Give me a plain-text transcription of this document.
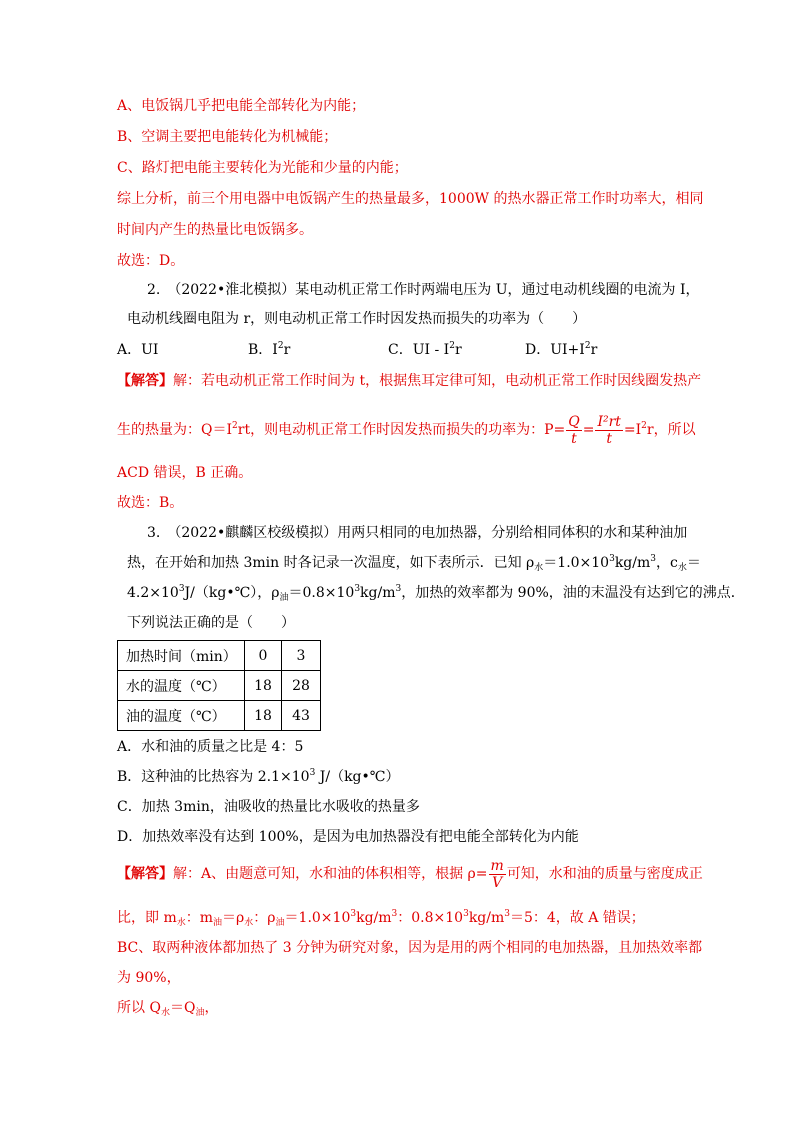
A、电饭锅几乎把电能全部转化为内能；
B、空调主要把电能转化为机械能；
C、路灯把电能主要转化为光能和少量的内能；
综上分析，前三个用电器中电饭锅产生的热量最多，1000W 的热水器正常工作时功率大，相同
时间内产生的热量比电饭锅多。
故选：D。
2.　（2022•淮北模拟）某电动机正常工作时两端电压为 U，通过电动机线圈的电流为 I，
电动机线圈电阻为 r，则电动机正常工作时因发热而损失的功率为（　　）
A．UI	B．$I^2r$	C．UI - $I^2r$	D．$UI+I^2r$
【解答】解：若电动机正常工作时间为 t，根据焦耳定律可知，电动机正常工作时因线圈发热产
生的热量为：$Q=I^2rt$，则电动机正常工作时因发热而损失的功率为：$P= \frac{Q}{t} = \frac{\text{I²rt}}{t} =I^2r$，所以
ACD 错误，B 正确。
故选：B。
3.　（2022•麒麟区校级模拟）用两只相同的电加热器，分别给相同体积的水和某种油加
热，在开始和加热 3min 时各记录一次温度，如下表所示．已知 $\rho_水=1.0\times 10^3kg/m^3$，$c_水=$
$4.2\times 10^3J/(kg•℃)$，$\rho_油=0.8\times 10^3kg/m^3$，加热的效率都为 90%，油的末温没有达到它的沸点．
下列说法正确的是（　　）
加热时间（min）	0	3
水的温度（℃）	18	28
油的温度（℃）	18	43
A．水和油的质量之比是 4：5
B．这种油的比热容为 $2.1\times 10^3$ J/（kg•℃）
C．加热 3min，油吸收的热量比水吸收的热量多
D．加热效率没有达到 100%，是因为电加热器没有把电能全部转化为内能
【解答】解：A、由题意可知，水和油的体积相等，根据 $\rho= \frac{m}{V}$ 可知，水和油的质量与密度成正
比，即 $m_水$：$m_油=\rho_水$：$\rho_油=1.0\times 10^3kg/m^3$：$0.8\times 10^3kg/m^3=5$：4，故 A 错误；
BC、取两种液体都加热了 3 分钟为研究对象，因为是用的两个相同的电加热器，且加热效率都
为 90%，
所以 $Q_水=Q_油$，
